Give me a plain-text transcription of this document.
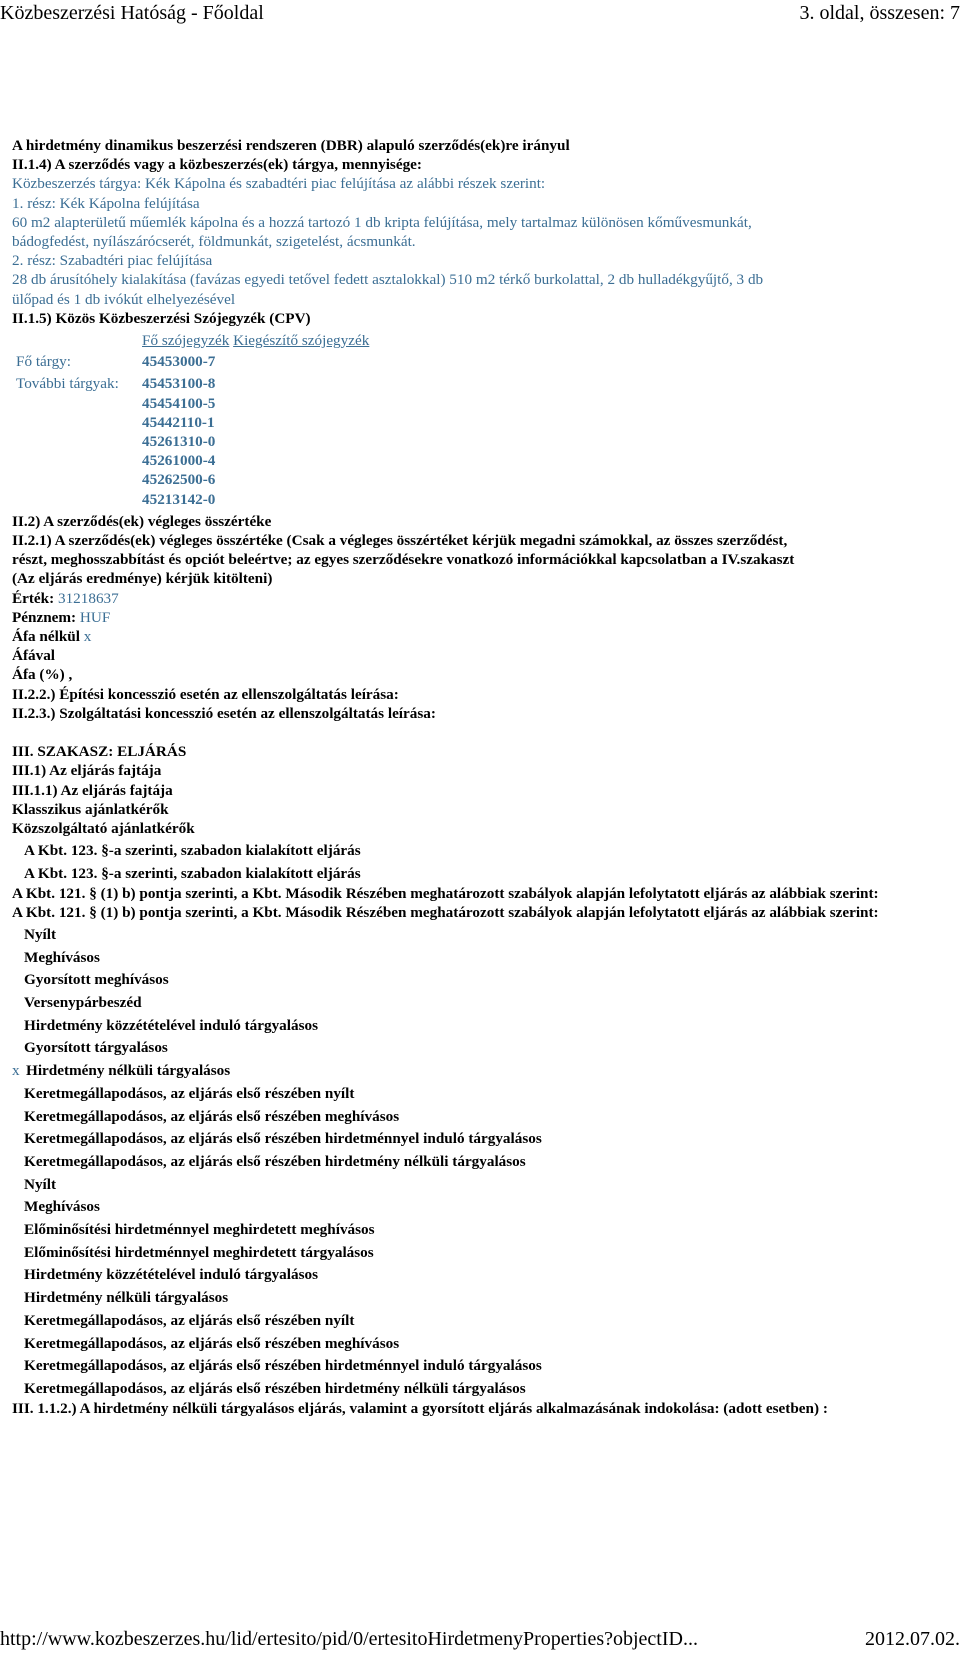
Közbeszerzési Hatóság - Főoldal	3. oldal, összesen: 7
A hirdetmény dinamikus beszerzési rendszeren (DBR) alapuló szerződés(ek)re irányul
II.1.4) A szerződés vagy a közbeszerzés(ek) tárgya, mennyisége:
Közbeszerzés tárgya: Kék Kápolna és szabadtéri piac felújítása az alábbi részek szerint:
1. rész: Kék Kápolna felújítása
60 m2 alapterületű műemlék kápolna és a hozzá tartozó 1 db kripta felújítása, mely tartalmaz különösen kőművesmunkát,
bádogfedést, nyílászárócserét, földmunkát, szigetelést, ácsmunkát.
2. rész: Szabadtéri piac felújítása
28 db árusítóhely kialakítása (favázas egyedi tetővel fedett asztalokkal) 510 m2 térkő burkolattal, 2 db hulladékgyűjtő, 3 db
ülőpad és 1 db ivókút elhelyezésével
II.1.5) Közös Közbeszerzési Szójegyzék (CPV)
Fő szójegyzék Kiegészítő szójegyzék
Fő tárgy:	45453000-7
További tárgyak:	45453100-8
45454100-5
45442110-1
45261310-0
45261000-4
45262500-6
45213142-0
II.2) A szerződés(ek) végleges összértéke
II.2.1) A szerződés(ek) végleges összértéke (Csak a végleges összértéket kérjük megadni számokkal, az összes szerződést,
részt, meghosszabbítást és opciót beleértve; az egyes szerződésekre vonatkozó információkkal kapcsolatban a IV.szakaszt
(Az eljárás eredménye) kérjük kitölteni)
Érték: 31218637
Pénznem: HUF
Áfa nélkül x
Áfával
Áfa (%) ,
II.2.2.) Építési koncesszió esetén az ellenszolgáltatás leírása:
II.2.3.) Szolgáltatási koncesszió esetén az ellenszolgáltatás leírása:
III. SZAKASZ: ELJÁRÁS
III.1) Az eljárás fajtája
III.1.1) Az eljárás fajtája
Klasszikus ajánlatkérők
Közszolgáltató ajánlatkérők
A Kbt. 123. §-a szerinti, szabadon kialakított eljárás
A Kbt. 123. §-a szerinti, szabadon kialakított eljárás
A Kbt. 121. § (1) b) pontja szerinti, a Kbt. Második Részében meghatározott szabályok alapján lefolytatott eljárás az alábbiak szerint:
A Kbt. 121. § (1) b) pontja szerinti, a Kbt. Második Részében meghatározott szabályok alapján lefolytatott eljárás az alábbiak szerint:
Nyílt
Meghívásos
Gyorsított meghívásos
Versenypárbeszéd
Hirdetmény közzétételével induló tárgyalásos
Gyorsított tárgyalásos
x Hirdetmény nélküli tárgyalásos
Keretmegállapodásos, az eljárás első részében nyílt
Keretmegállapodásos, az eljárás első részében meghívásos
Keretmegállapodásos, az eljárás első részében hirdetménnyel induló tárgyalásos
Keretmegállapodásos, az eljárás első részében hirdetmény nélküli tárgyalásos
Nyílt
Meghívásos
Előminősítési hirdetménnyel meghirdetett meghívásos
Előminősítési hirdetménnyel meghirdetett tárgyalásos
Hirdetmény közzétételével induló tárgyalásos
Hirdetmény nélküli tárgyalásos
Keretmegállapodásos, az eljárás első részében nyílt
Keretmegállapodásos, az eljárás első részében meghívásos
Keretmegállapodásos, az eljárás első részében hirdetménnyel induló tárgyalásos
Keretmegállapodásos, az eljárás első részében hirdetmény nélküli tárgyalásos
III. 1.1.2.) A hirdetmény nélküli tárgyalásos eljárás, valamint a gyorsított eljárás alkalmazásának indokolása: (adott esetben) :
http://www.kozbeszerzes.hu/lid/ertesito/pid/0/ertesitoHirdetmenyProperties?objectID...	2012.07.02.
